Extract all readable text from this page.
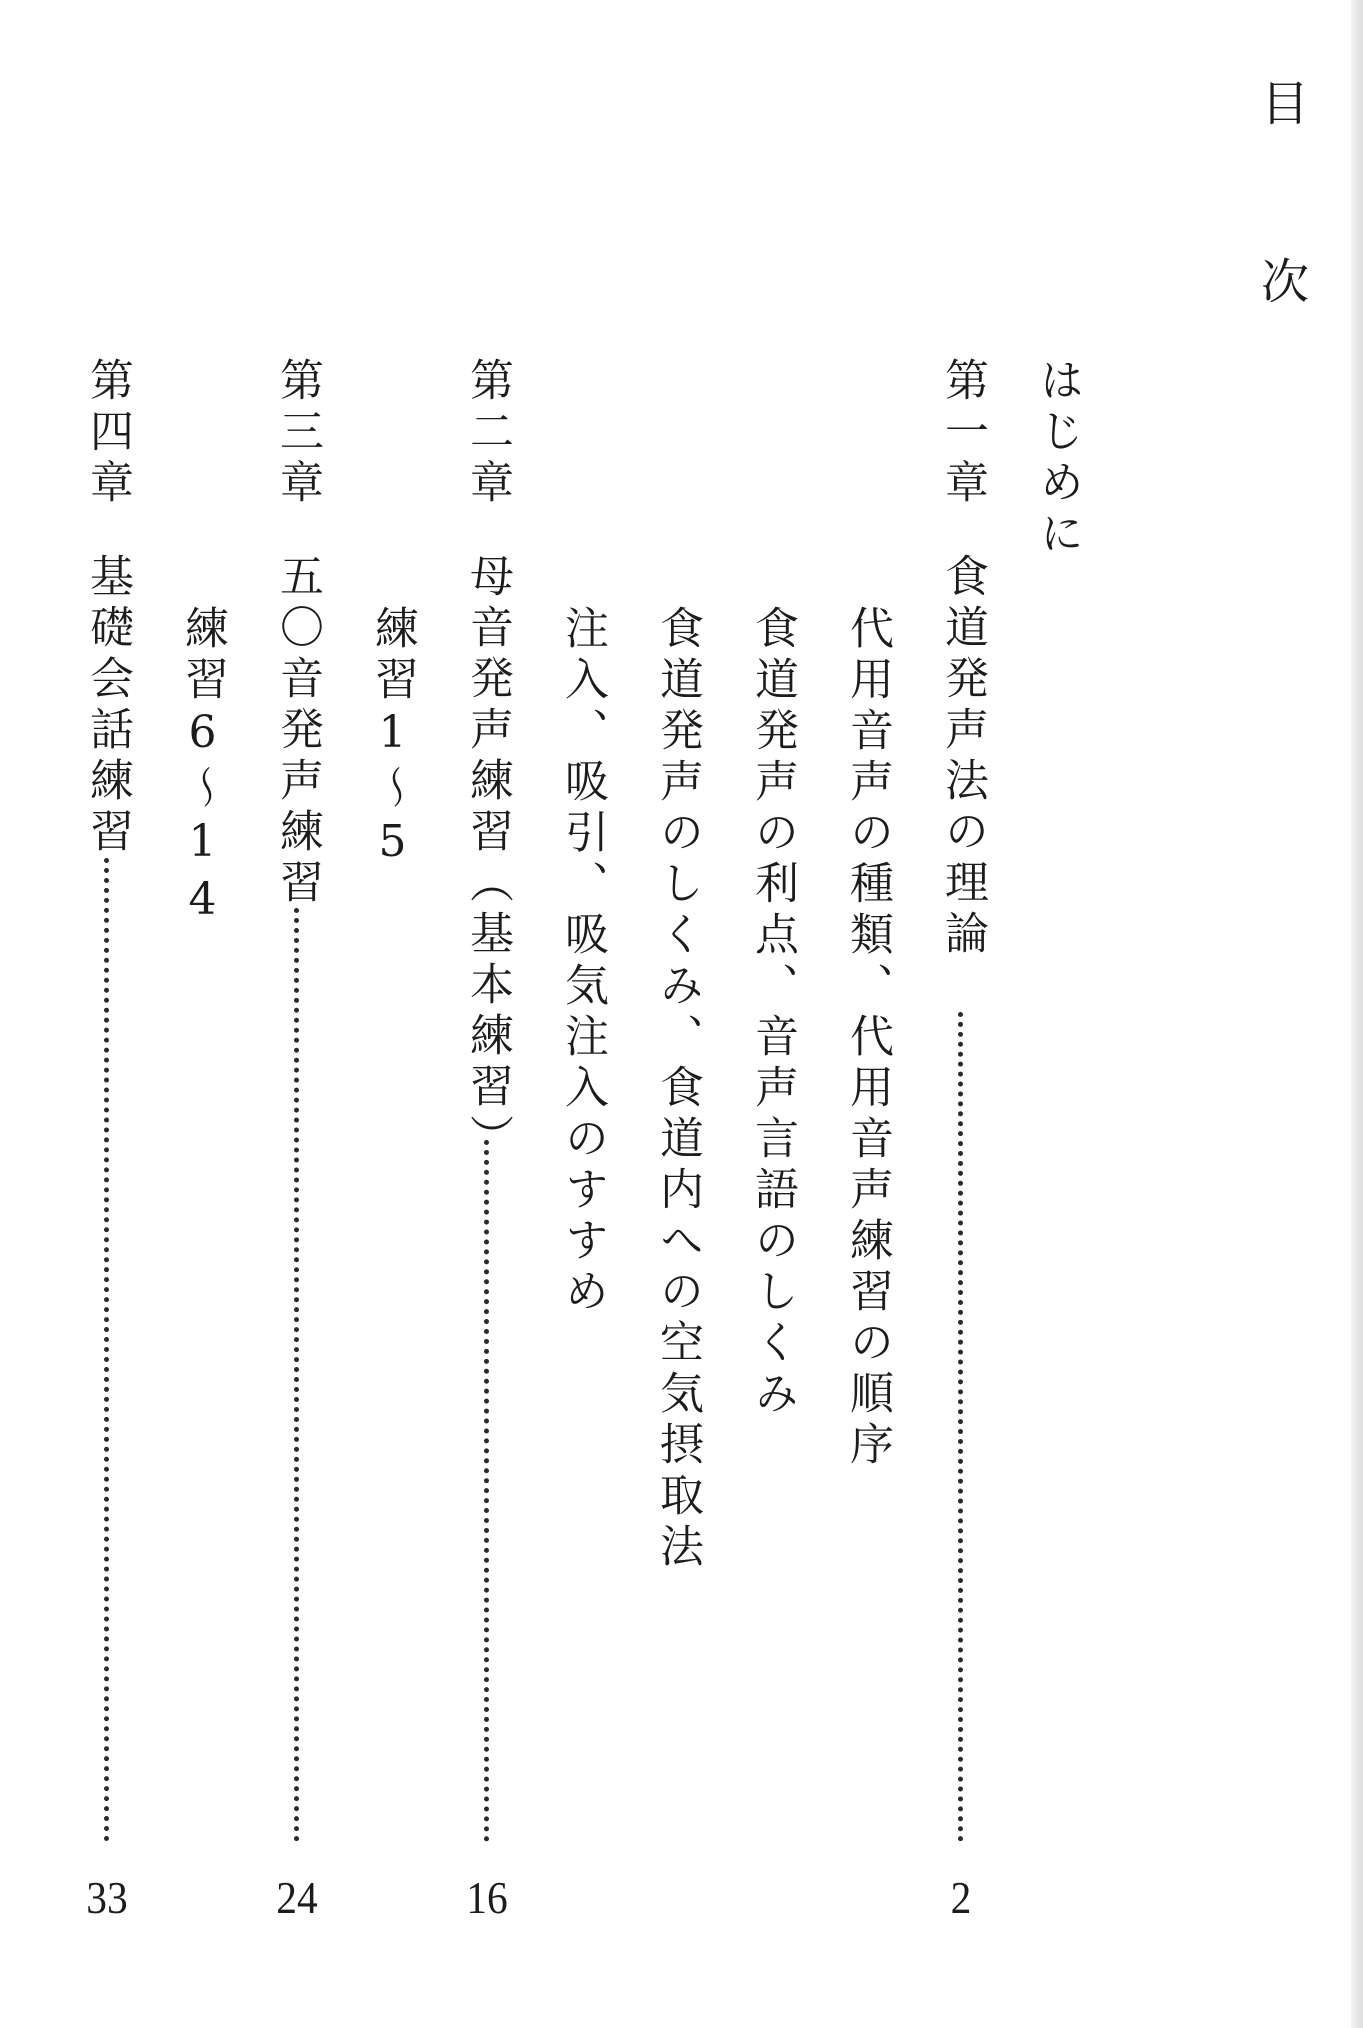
目
次
はじめに
第一章
食道発声法の理論
2
代用音声の種類、代用音声練習の順序
食道発声の利点、音声言語のしくみ
食道発声のしくみ、食道内への空気摂取法
注入、吸引、吸気注入のすすめ
第二章
母音発声練習（基本練習）
16
練習1～5
第三章
五〇音発声練習
24
練習6～14
第四章
基礎会話練習
33
